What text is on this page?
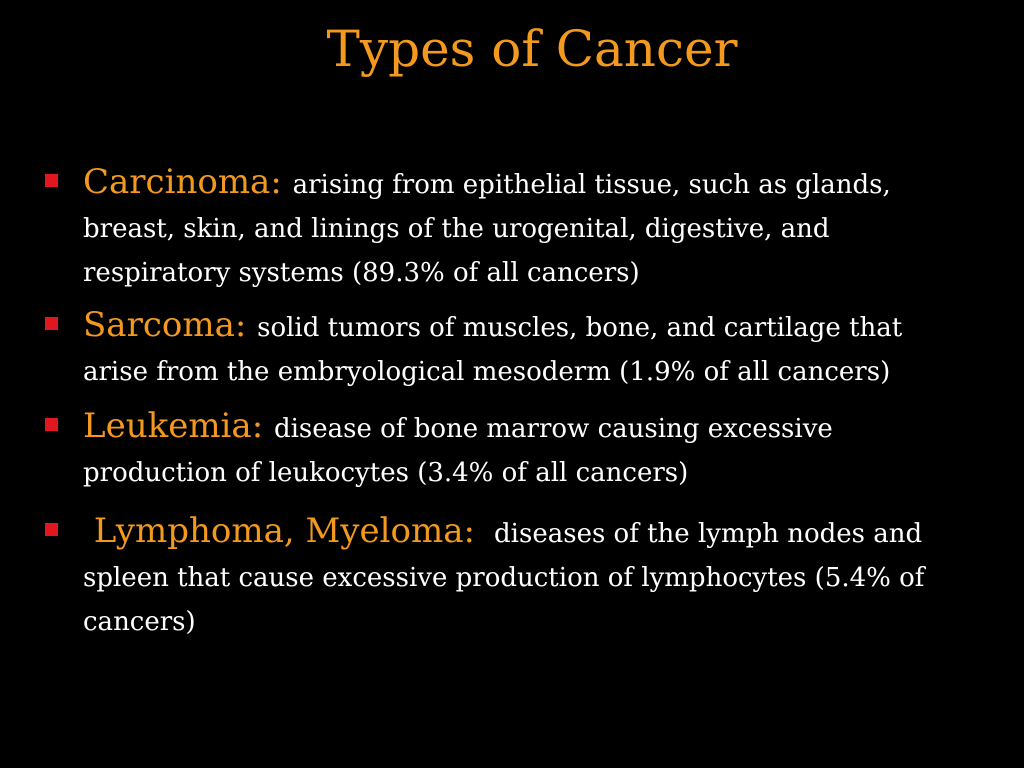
Types of Cancer
Carcinoma: arising from epithelial tissue, such as glands, breast, skin, and linings of the urogenital, digestive, and respiratory systems (89.3% of all cancers)
Sarcoma: solid tumors of muscles, bone, and cartilage that arise from the embryological mesoderm (1.9% of all cancers)
Leukemia: disease of bone marrow causing excessive production of leukocytes (3.4% of all cancers)
Lymphoma, Myeloma:  diseases of the lymph nodes and spleen that cause excessive production of lymphocytes (5.4% of cancers)
